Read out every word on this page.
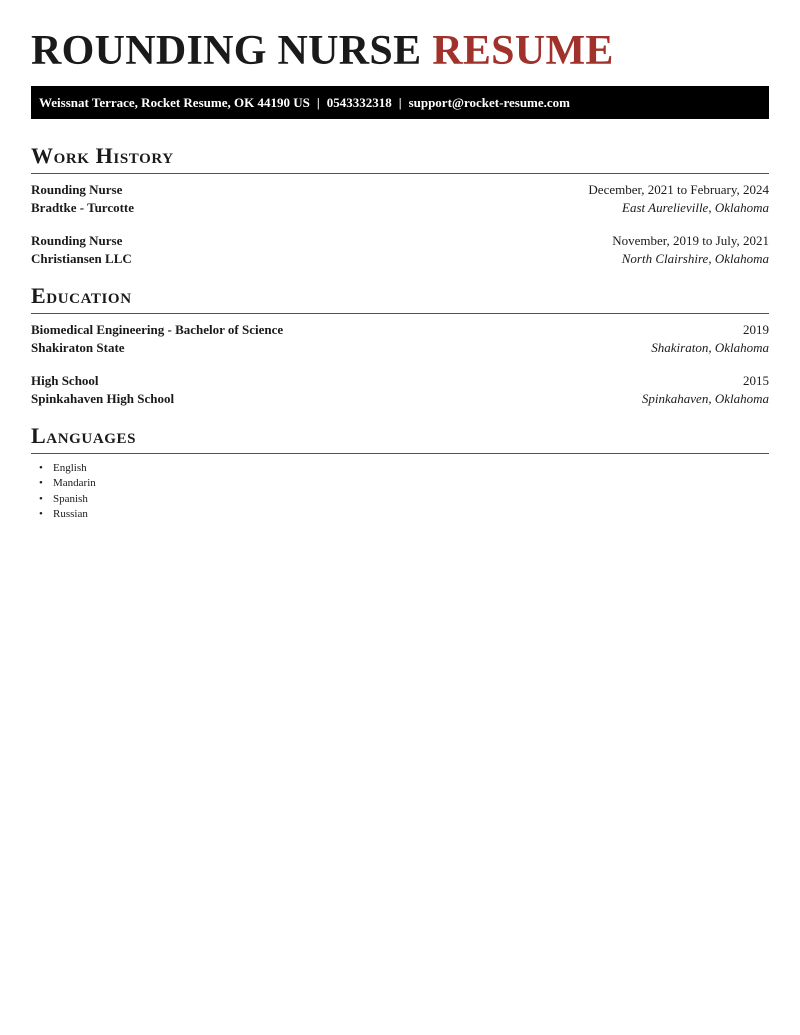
ROUNDING NURSE RESUME
Weissnat Terrace, Rocket Resume, OK 44190 US | 0543332318 | support@rocket-resume.com
Work History
Rounding Nurse	December, 2021 to February, 2024
Bradtke - Turcotte	East Aurelieville, Oklahoma
Rounding Nurse	November, 2019 to July, 2021
Christiansen LLC	North Clairshire, Oklahoma
Education
Biomedical Engineering - Bachelor of Science	2019
Shakiraton State	Shakiraton, Oklahoma
High School	2015
Spinkahaven High School	Spinkahaven, Oklahoma
Languages
• English
• Mandarin
• Spanish
• Russian
